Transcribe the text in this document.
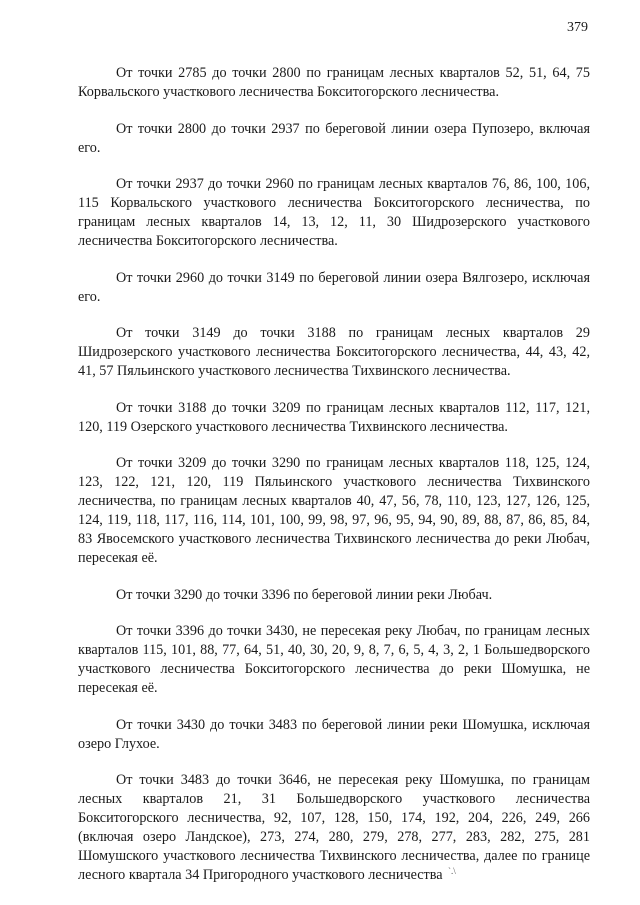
379

От точки 2785 до точки 2800 по границам лесных кварталов 52, 51, 64, 75 Корвальского участкового лесничества Бокситогорского лесничества.

От точки 2800 до точки 2937 по береговой линии озера Пупозеро, включая его.

От точки 2937 до точки 2960 по границам лесных кварталов 76, 86, 100, 106, 115 Корвальского участкового лесничества Бокситогорского лесничества, по границам лесных кварталов 14, 13, 12, 11, 30 Шидрозерского участкового лесничества Бокситогорского лесничества.

От точки 2960 до точки 3149 по береговой линии озера Вялгозеро, исключая его.

От точки 3149 до точки 3188 по границам лесных кварталов 29 Шидрозерского участкового лесничества Бокситогорского лесничества, 44, 43, 42, 41, 57 Пяльинского участкового лесничества Тихвинского лесничества.

От точки 3188 до точки 3209 по границам лесных кварталов 112, 117, 121, 120, 119 Озерского участкового лесничества Тихвинского лесничества.

От точки 3209 до точки 3290 по границам лесных кварталов 118, 125, 124, 123, 122, 121, 120, 119 Пяльинского участкового лесничества Тихвинского лесничества, по границам лесных кварталов 40, 47, 56, 78, 110, 123, 127, 126, 125, 124, 119, 118, 117, 116, 114, 101, 100, 99, 98, 97, 96, 95, 94, 90, 89, 88, 87, 86, 85, 84, 83 Явосемского участкового лесничества Тихвинского лесничества до реки Любач, пересекая её.

От точки 3290 до точки 3396 по береговой линии реки Любач.

От точки 3396 до точки 3430, не пересекая реку Любач, по границам лесных кварталов 115, 101, 88, 77, 64, 51, 40, 30, 20, 9, 8, 7, 6, 5, 4, 3, 2, 1 Большедворского участкового лесничества Бокситогорского лесничества до реки Шомушка, не пересекая её.

От точки 3430 до точки 3483 по береговой линии реки Шомушка, исключая озеро Глухое.

От точки 3483 до точки 3646, не пересекая реку Шомушка, по границам лесных кварталов 21, 31 Большедворского участкового лесничества Бокситогорского лесничества, 92, 107, 128, 150, 174, 192, 204, 226, 249, 266 (включая озеро Ландское), 273, 274, 280, 279, 278, 277, 283, 282, 275, 281 Шомушского участкового лесничества Тихвинского лесничества, далее по границе лесного квартала 34 Пригородного участкового лесничества `.\
